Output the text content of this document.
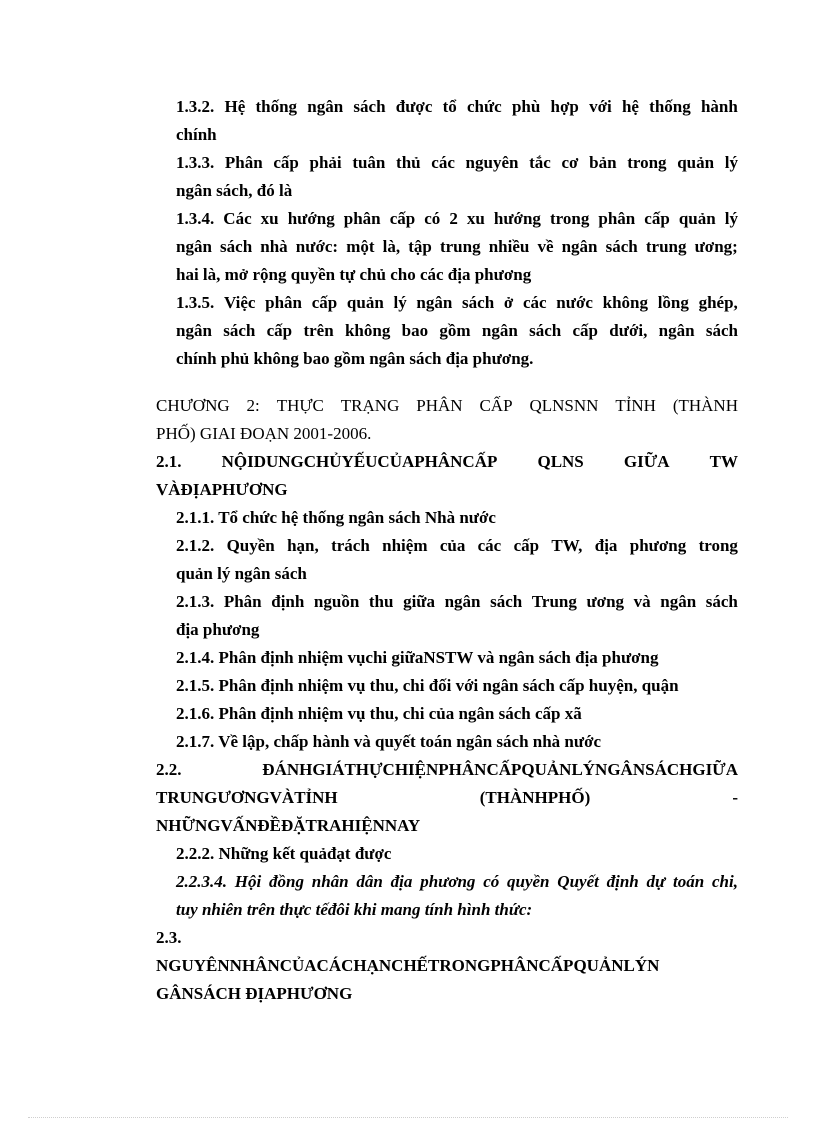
1.3.2. Hệ thống ngân sách được tổ chức phù hợp với hệ thống hành
chính
1.3.3. Phân cấp phải tuân thủ các nguyên tắc cơ bản trong quản lý
ngân sách, đó là
1.3.4. Các xu hướng phân cấp có 2 xu hướng trong phân cấp quản lý
ngân sách nhà nước: một là, tập trung nhiều về ngân sách trung ương;
hai là, mở rộng quyền tự chủ cho các địa phương
1.3.5. Việc phân cấp quản lý ngân sách ở các nước không lồng ghép,
ngân sách cấp trên không bao gồm ngân sách cấp dưới, ngân sách
chính phủ không bao gồm ngân sách địa phương.
CHƯƠNG 2: THỰC TRẠNG PHÂN CẤP QLNSNN TỈNH (THÀNH
PHỐ) GIAI ĐOẠN 2001-2006.
2.1. NỘIDUNGCHỦYẾUCỦAPHÂNCẤP QLNS GIỮA TW
VÀĐỊAPHƯƠNG
2.1.1. Tổ chức hệ thống ngân sách Nhà nước
2.1.2. Quyền hạn, trách nhiệm của các cấp TW, địa phương trong
quản lý ngân sách
2.1.3. Phân định nguồn thu giữa ngân sách Trung ương và ngân sách
địa phương
2.1.4. Phân định nhiệm vụchi giữaNSTW và ngân sách địa phương
2.1.5. Phân định nhiệm vụ thu, chi đối với ngân sách cấp huyện, quận
2.1.6. Phân định nhiệm vụ thu, chi của ngân sách cấp xã
2.1.7. Về lập, chấp hành và quyết toán ngân sách nhà nước
2.2.	ĐÁNHGIÁTHỰCHIỆNPHÂNCẤPQUẢNLÝNGÂNSÁCHGIỮA
TRUNGƯƠNGVÀTỈNH	(THÀNHPHỐ)	-
NHỮNGVẤNĐỀĐẶTRAHIỆNNAY
2.2.2. Những kết quảđạt được
2.2.3.4. Hội đồng nhân dân địa phương có quyền Quyết định dự toán chi,
tuy nhiên trên thực tếđôi khi mang tính hình thức:
2.3.
NGUYÊNNHÂNCỦACÁCHẠNCHẾTRONGPHÂNCẤPQUẢNLÝN
GÂNSÁCH ĐỊAPHƯƠNG
